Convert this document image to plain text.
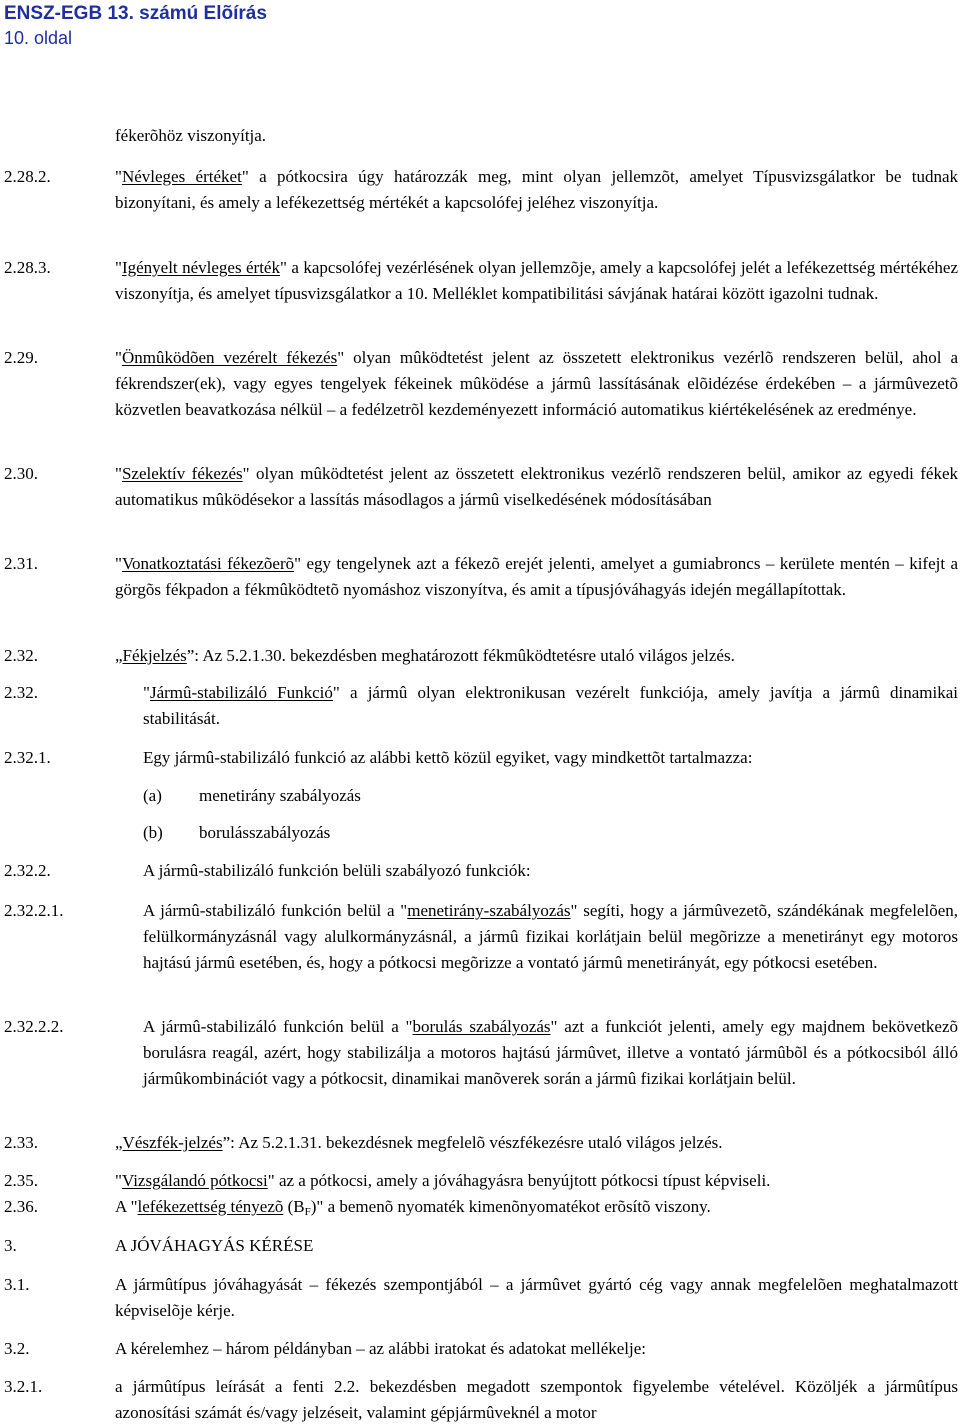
ENSZ-EGB 13. számú Elõírás
10. oldal
fékerõhöz viszonyítja.
2.28.2.	"Névleges értéket" a pótkocsira úgy határozzák meg, mint olyan jellemzõt, amelyet Típusvizsgálatkor be tudnak bizonyítani, és amely a lefékezettség mértékét a kapcsolófej jeléhez viszonyítja.
2.28.3.	"Igényelt névleges érték" a kapcsolófej vezérlésének olyan jellemzõje, amely a kapcsolófej jelét a lefékezettség mértékéhez viszonyítja, és amelyet típusvizsgálatkor a 10. Melléklet kompatibilitási sávjának határai között igazolni tudnak.
2.29.	"Önmûködõen vezérelt fékezés" olyan mûködtetést jelent az összetett elektronikus vezérlõ rendszeren belül, ahol a fékrendszer(ek), vagy egyes tengelyek fékeinek mûködése a jármû lassításának elõidézése érdekében – a jármûvezetõ közvetlen beavatkozása nélkül – a fedélzetrõl kezdeményezett információ automatikus kiértékelésének az eredménye.
2.30.	"Szelektív fékezés" olyan mûködtetést jelent az összetett elektronikus vezérlõ rendszeren belül, amikor az egyedi fékek automatikus mûködésekor a lassítás másodlagos a jármû viselkedésének módosításában
2.31.	"Vonatkoztatási fékezõerõ" egy tengelynek azt a fékezõ erejét jelenti, amelyet a gumiabroncs – kerülete mentén – kifejt a görgõs fékpadon a fékmûködtetõ nyomáshoz viszonyítva, és amit a típusjóváhagyás idején megállapítottak.
2.32.	„Fékjelzés”: Az 5.2.1.30. bekezdésben meghatározott fékmûködtetésre utaló világos jelzés.
2.32.	"Jármû-stabilizáló Funkció" a jármû olyan elektronikusan vezérelt funkciója, amely javítja a jármû dinamikai stabilitását.
2.32.1.	Egy jármû-stabilizáló funkció az alábbi kettõ közül egyiket, vagy mindkettõt tartalmazza:
(a) menetirány szabályozás
(b) borulásszabályozás
2.32.2.	A jármû-stabilizáló funkción belüli szabályozó funkciók:
2.32.2.1.	A jármû-stabilizáló funkción belül a "menetirány-szabályozás" segíti, hogy a jármûvezetõ, szándékának megfelelõen, felülkormányzásnál vagy alulkormányzásnál, a jármû fizikai korlátjain belül megõrizze a menetirányt egy motoros hajtású jármû esetében, és, hogy a pótkocsi megõrizze a vontató jármû menetirányát, egy pótkocsi esetében.
2.32.2.2.	A jármû-stabilizáló funkción belül a "borulás szabályozás" azt a funkciót jelenti, amely egy majdnem bekövetkezõ borulásra reagál, azért, hogy stabilizálja a motoros hajtású jármûvet, illetve a vontató jármûbõl és a pótkocsiból álló jármûkombinációt vagy a pótkocsit, dinamikai manõverek során a jármû fizikai korlátjain belül.
2.33.	„Vészfék-jelzés”: Az 5.2.1.31. bekezdésnek megfelelõ vészfékezésre utaló világos jelzés.
2.35.	"Vizsgálandó pótkocsi" az a pótkocsi, amely a jóváhagyásra benyújtott pótkocsi típust képviseli.
2.36.	A "lefékezettség tényezõ $(B_F)$" a bemenõ nyomaték kimenõnyomatékot erõsítõ viszony.
3.	A JÓVÁHAGYÁS KÉRÉSE
3.1.	A jármûtípus jóváhagyását – fékezés szempontjából – a jármûvet gyártó cég vagy annak megfelelõen meghatalmazott képviselõje kérje.
3.2.	A kérelemhez – három példányban – az alábbi iratokat és adatokat mellékelje:
3.2.1.	a jármûtípus leírását a fenti 2.2. bekezdésben megadott szempontok figyelembe vételével. Közöljék a jármûtípus azonosítási számát és/vagy jelzéseit, valamint gépjármûveknél a motor
